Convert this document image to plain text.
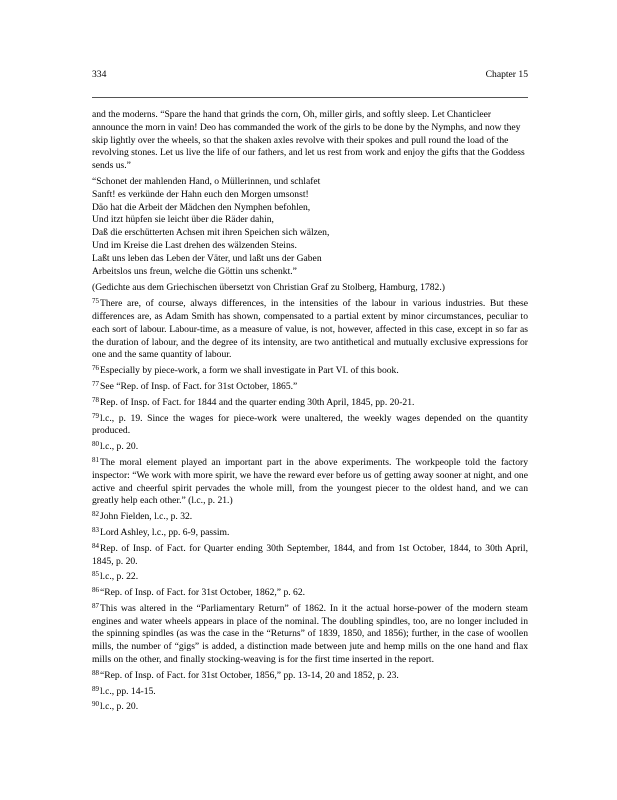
334	Chapter 15

and the moderns. “Spare the hand that grinds the corn, Oh, miller girls, and softly sleep. Let Chanticleer announce the morn in vain! Deo has commanded the work of the girls to be done by the Nymphs, and now they skip lightly over the wheels, so that the shaken axles revolve with their spokes and pull round the load of the revolving stones. Let us live the life of our fathers, and let us rest from work and enjoy the gifts that the Goddess sends us.”

“Schonet der mahlenden Hand, o Müllerinnen, und schlafet
Sanft! es verkünde der Hahn euch den Morgen umsonst!
Däo hat die Arbeit der Mädchen den Nymphen befohlen,
Und itzt hüpfen sie leicht über die Räder dahin,
Daß die erschütterten Achsen mit ihren Speichen sich wälzen,
Und im Kreise die Last drehen des wälzenden Steins.
Laßt uns leben das Leben der Väter, und laßt uns der Gaben
Arbeitslos uns freun, welche die Göttin uns schenkt.”

(Gedichte aus dem Griechischen übersetzt von Christian Graf zu Stolberg, Hamburg, 1782.)

$^{75}$There are, of course, always differences, in the intensities of the labour in various industries. But these differences are, as Adam Smith has shown, compensated to a partial extent by minor circumstances, peculiar to each sort of labour. Labour-time, as a measure of value, is not, however, affected in this case, except in so far as the duration of labour, and the degree of its intensity, are two antithetical and mutually exclusive expressions for one and the same quantity of labour.
$^{76}$Especially by piece-work, a form we shall investigate in Part VI. of this book.
$^{77}$See “Rep. of Insp. of Fact. for 31st October, 1865.”
$^{78}$Rep. of Insp. of Fact. for 1844 and the quarter ending 30th April, 1845, pp. 20-21.
$^{79}$l.c., p. 19. Since the wages for piece-work were unaltered, the weekly wages depended on the quantity produced.
$^{80}$l.c., p. 20.
$^{81}$The moral element played an important part in the above experiments. The workpeople told the factory inspector: “We work with more spirit, we have the reward ever before us of getting away sooner at night, and one active and cheerful spirit pervades the whole mill, from the youngest piecer to the oldest hand, and we can greatly help each other.” (l.c., p. 21.)
$^{82}$John Fielden, l.c., p. 32.
$^{83}$Lord Ashley, l.c., pp. 6-9, passim.
$^{84}$Rep. of Insp. of Fact. for Quarter ending 30th September, 1844, and from 1st October, 1844, to 30th April, 1845, p. 20.
$^{85}$l.c., p. 22.
$^{86}$“Rep. of Insp. of Fact. for 31st October, 1862,” p. 62.
$^{87}$This was altered in the “Parliamentary Return” of 1862. In it the actual horse-power of the modern steam engines and water wheels appears in place of the nominal. The doubling spindles, too, are no longer included in the spinning spindles (as was the case in the “Returns” of 1839, 1850, and 1856); further, in the case of woollen mills, the number of “gigs” is added, a distinction made between jute and hemp mills on the one hand and flax mills on the other, and finally stocking-weaving is for the first time inserted in the report.
$^{88}$“Rep. of Insp. of Fact. for 31st October, 1856,” pp. 13-14, 20 and 1852, p. 23.
$^{89}$l.c., pp. 14-15.
$^{90}$l.c., p. 20.
